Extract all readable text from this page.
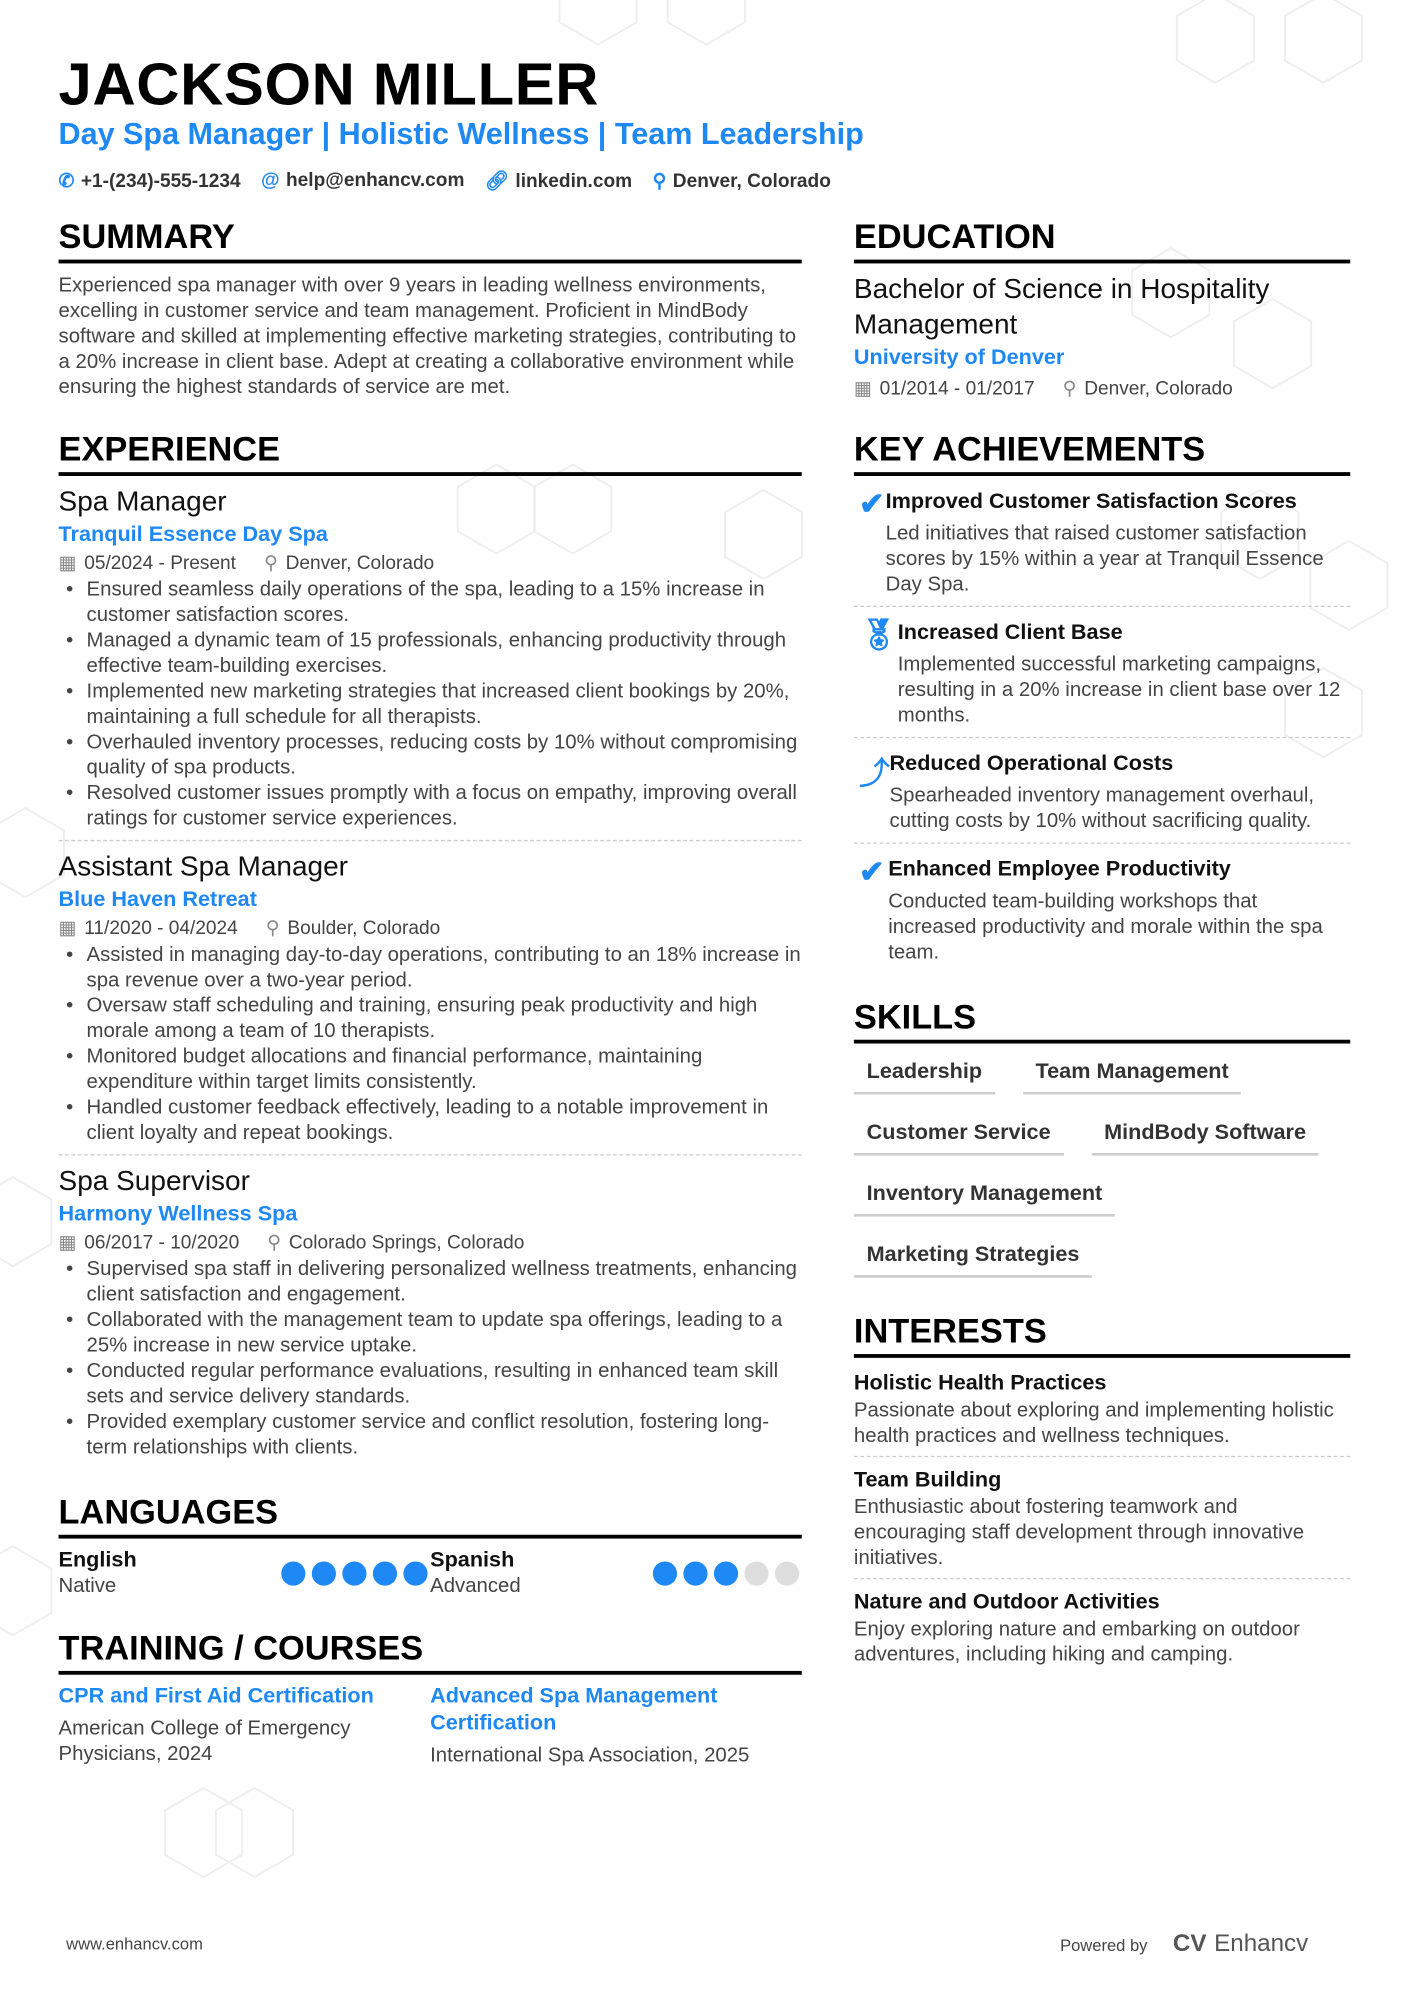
JACKSON MILLER
Day Spa Manager | Holistic Wellness | Team Leadership
✆ +1-(234)-555-1234 @ help@enhancv.com 🔗︎ linkedin.com ⚲ Denver, Colorado
SUMMARY
Experienced spa manager with over 9 years in leading wellness environments, excelling in customer service and team management. Proficient in MindBody software and skilled at implementing effective marketing strategies, contributing to a 20% increase in client base. Adept at creating a collaborative environment while ensuring the highest standards of service are met.
EXPERIENCE
Spa Manager
Tranquil Essence Day Spa
▦ 05/2024 - Present ⚲ Denver, Colorado
• Ensured seamless daily operations of the spa, leading to a 15% increase in customer satisfaction scores.
• Managed a dynamic team of 15 professionals, enhancing productivity through effective team-building exercises.
• Implemented new marketing strategies that increased client bookings by 20%, maintaining a full schedule for all therapists.
• Overhauled inventory processes, reducing costs by 10% without compromising quality of spa products.
• Resolved customer issues promptly with a focus on empathy, improving overall ratings for customer service experiences.
Assistant Spa Manager
Blue Haven Retreat
▦ 11/2020 - 04/2024 ⚲ Boulder, Colorado
• Assisted in managing day-to-day operations, contributing to an 18% increase in spa revenue over a two-year period.
• Oversaw staff scheduling and training, ensuring peak productivity and high morale among a team of 10 therapists.
• Monitored budget allocations and financial performance, maintaining expenditure within target limits consistently.
• Handled customer feedback effectively, leading to a notable improvement in client loyalty and repeat bookings.
Spa Supervisor
Harmony Wellness Spa
▦ 06/2017 - 10/2020 ⚲ Colorado Springs, Colorado
• Supervised spa staff in delivering personalized wellness treatments, enhancing client satisfaction and engagement.
• Collaborated with the management team to update spa offerings, leading to a 25% increase in new service uptake.
• Conducted regular performance evaluations, resulting in enhanced team skill sets and service delivery standards.
• Provided exemplary customer service and conflict resolution, fostering long-term relationships with clients.
LANGUAGES
English
Native
Spanish
Advanced
TRAINING / COURSES
CPR and First Aid Certification
American College of Emergency Physicians, 2024
Advanced Spa Management Certification
International Spa Association, 2025
EDUCATION
Bachelor of Science in Hospitality Management
University of Denver
▦ 01/2014 - 01/2017 ⚲ Denver, Colorado
KEY ACHIEVEMENTS
✔ Improved Customer Satisfaction Scores
Led initiatives that raised customer satisfaction scores by 15% within a year at Tranquil Essence Day Spa.
🏅︎ Increased Client Base
Implemented successful marketing campaigns, resulting in a 20% increase in client base over 12 months.
⤴ Reduced Operational Costs
Spearheaded inventory management overhaul, cutting costs by 10% without sacrificing quality.
✔ Enhanced Employee Productivity
Conducted team-building workshops that increased productivity and morale within the spa team.
SKILLS
Leadership	Team Management
Customer Service	MindBody Software
Inventory Management
Marketing Strategies
INTERESTS
Holistic Health Practices
Passionate about exploring and implementing holistic health practices and wellness techniques.
Team Building
Enthusiastic about fostering teamwork and encouraging staff development through innovative initiatives.
Nature and Outdoor Activities
Enjoy exploring nature and embarking on outdoor adventures, including hiking and camping.
www.enhancv.com	Powered by CV Enhancv
